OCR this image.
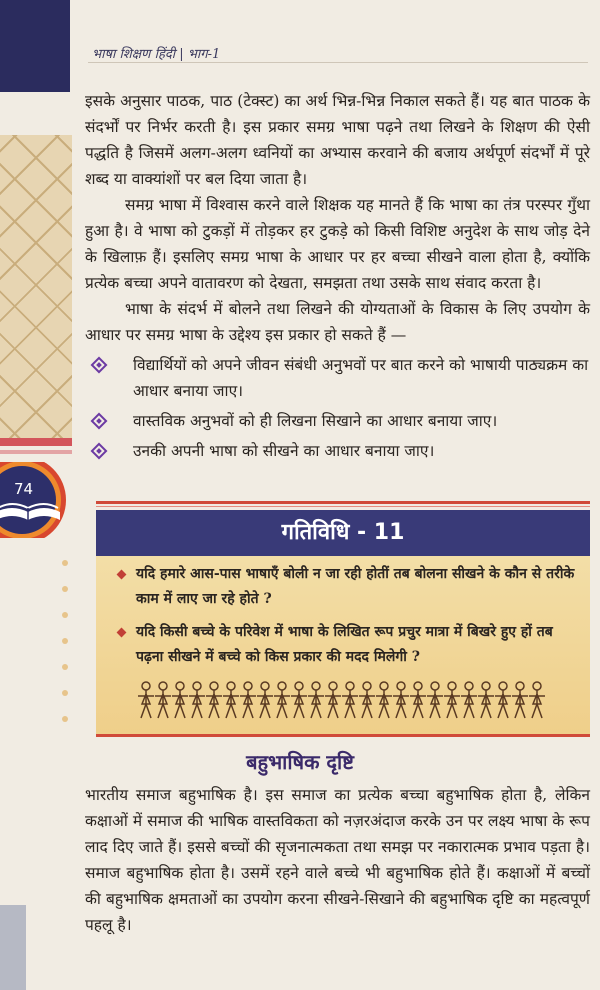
74
भाषा शिक्षण हिंदी | भाग-1

इसके अनुसार पाठक, पाठ (टेक्स्ट) का अर्थ भिन्न-भिन्न निकाल सकते हैं। यह बात पाठक के संदर्भों पर निर्भर करती है। इस प्रकार समग्र भाषा पढ़ने तथा लिखने के शिक्षण की ऐसी पद्धति है जिसमें अलग-अलग ध्वनियों का अभ्यास करवाने की बजाय अर्थपूर्ण संदर्भों में पूरे शब्द या वाक्यांशों पर बल दिया जाता है।

समग्र भाषा में विश्वास करने वाले शिक्षक यह मानते हैं कि भाषा का तंत्र परस्पर गुँथा हुआ है। वे भाषा को टुकड़ों में तोड़कर हर टुकड़े को किसी विशिष्ट अनुदेश के साथ जोड़ देने के खिलाफ़ हैं। इसलिए समग्र भाषा के आधार पर हर बच्चा सीखने वाला होता है, क्योंकि प्रत्येक बच्चा अपने वातावरण को देखता, समझता तथा उसके साथ संवाद करता है।

भाषा के संदर्भ में बोलने तथा लिखने की योग्यताओं के विकास के लिए उपयोग के आधार पर समग्र भाषा के उद्देश्य इस प्रकार हो सकते हैं —

विद्यार्थियों को अपने जीवन संबंधी अनुभवों पर बात करने को भाषायी पाठ्यक्रम का आधार बनाया जाए।
वास्तविक अनुभवों को ही लिखना सिखाने का आधार बनाया जाए।
उनकी अपनी भाषा को सीखने का आधार बनाया जाए।
गतिविधि - 11
यदि हमारे आस-पास भाषाएँ बोली न जा रही होतीं तब बोलना सीखने के कौन से तरीके काम में लाए जा रहे होते ?
यदि किसी बच्चे के परिवेश में भाषा के लिखित रूप प्रचुर मात्रा में बिखरे हुए हों तब पढ़ना सीखने में बच्चे को किस प्रकार की मदद मिलेगी ?
बहुभाषिक दृष्टि
भारतीय समाज बहुभाषिक है। इस समाज का प्रत्येक बच्चा बहुभाषिक होता है, लेकिन कक्षाओं में समाज की भाषिक वास्तविकता को नज़रअंदाज करके उन पर लक्ष्य भाषा के रूप लाद दिए जाते हैं। इससे बच्चों की सृजनात्मकता तथा समझ पर नकारात्मक प्रभाव पड़ता है। समाज बहुभाषिक होता है। उसमें रहने वाले बच्चे भी बहुभाषिक होते हैं। कक्षाओं में बच्चों की बहुभाषिक क्षमताओं का उपयोग करना सीखने-सिखाने की बहुभाषिक दृष्टि का महत्वपूर्ण पहलू है।
